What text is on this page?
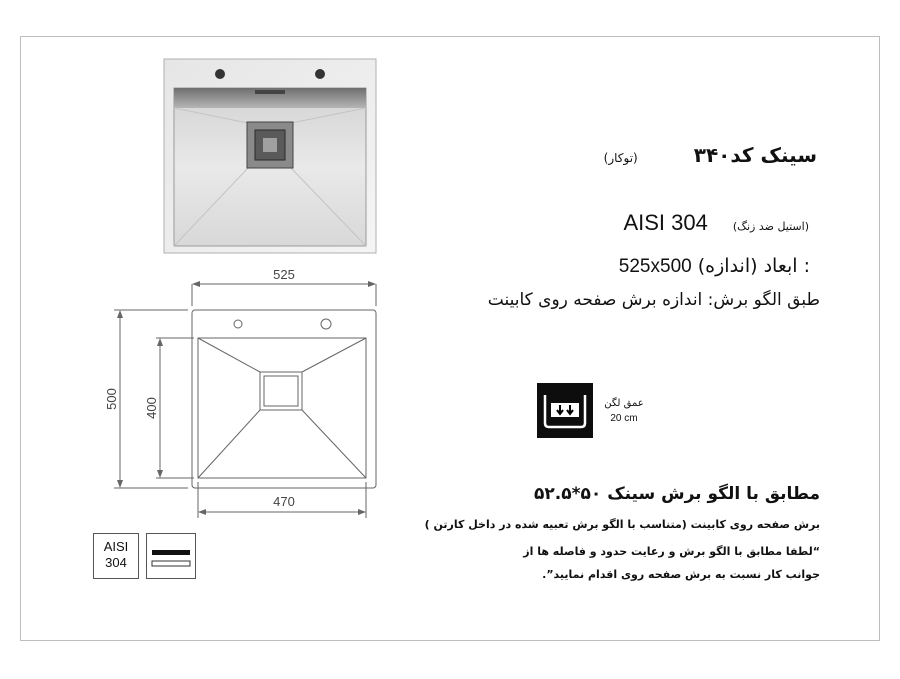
525
500 400
470
سینک کد۳۴۰(توکار)
(استیل ضد زنگ) AISI 304
: ابعاد (اندازه) 525x500
طبق الگو برش: اندازه برش صفحه روی کابینت
عمق لگن
20 cm
مطابق با الگو برش سینک ۵۰*۵۲.۵
برش صفحه روی کابینت (متناسب با الگو برش تعبیه شده در داخل کارتن )
“لطفا مطابق با الگو برش و رعایت حدود و فاصله ها از
جوانب کار نسبت به برش صفحه روی اقدام نمایید”.
AISI
304
